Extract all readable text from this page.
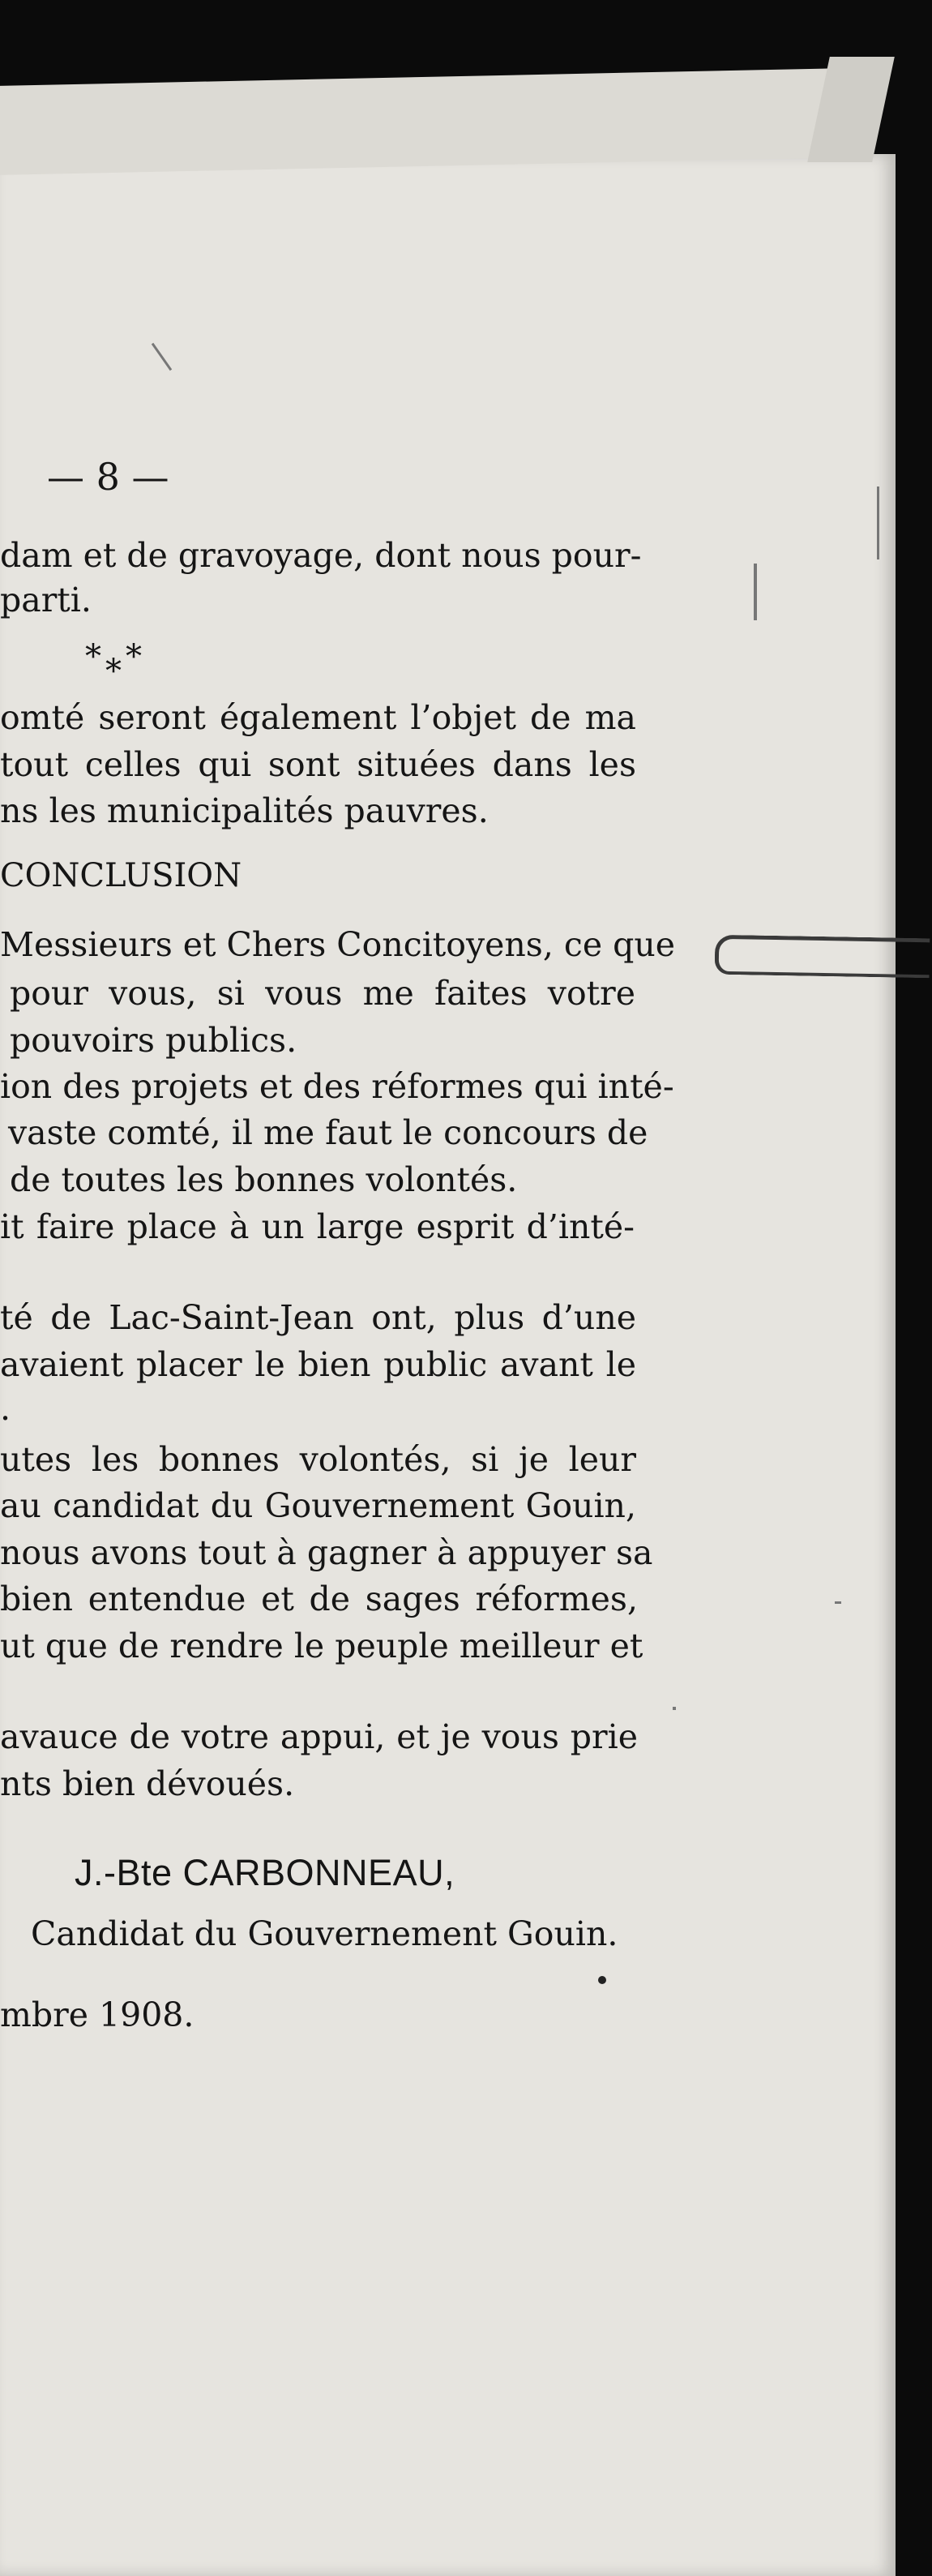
— 8 —
dam et de gravoyage, dont nous pour-
parti.
* *
*
omté seront également l’objet de ma
tout celles qui sont situées dans les
ns les municipalités pauvres.
CONCLUSION
Messieurs et Chers Concitoyens, ce que
pour vous, si vous me faites votre
pouvoirs publics.
ion des projets et des réformes qui inté-
vaste comté, il me faut le concours de
de toutes les bonnes volontés.
it faire place à un large esprit d’inté-
té de Lac-Saint-Jean ont, plus d’une
avaient placer le bien public avant le
.
utes les bonnes volontés, si je leur
au candidat du Gouvernement Gouin,
nous avons tout à gagner à appuyer sa
bien entendue et de sages réformes,
ut que de rendre le peuple meilleur et
avauce de votre appui, et je vous prie
nts bien dévoués.
J.-Bte CARBONNEAU,
Candidat du Gouvernement Gouin.
mbre 1908.
